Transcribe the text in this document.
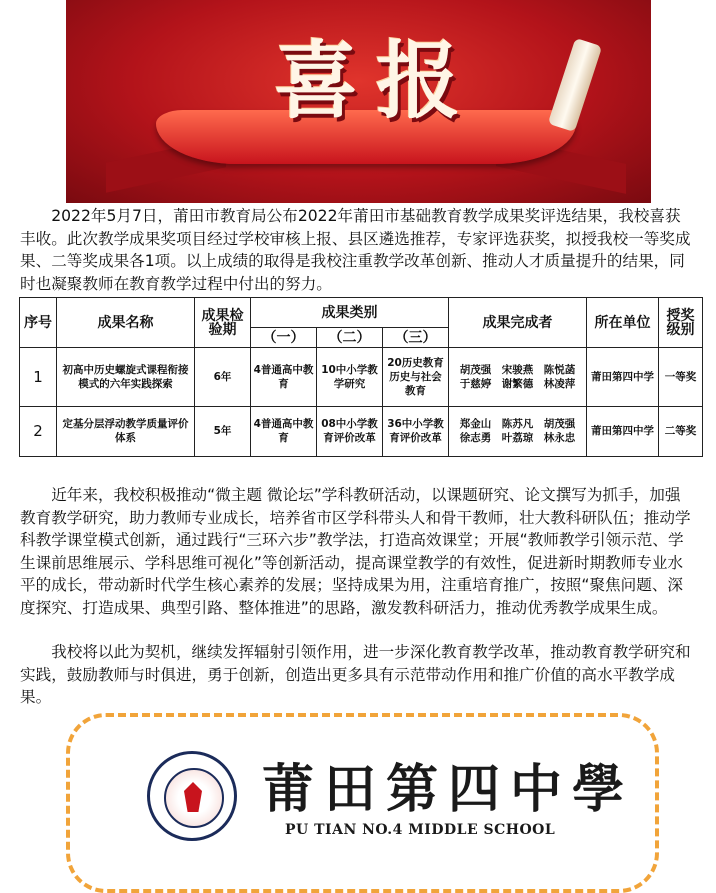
喜报

2022年5月7日，莆田市教育局公布2022年莆田市基础教育教学成果奖评选结果，我校喜获丰收。此次教学成果奖项目经过学校审核上报、县区遴选推荐，专家评选获奖，拟授我校一等奖成果、二等奖成果各1项。以上成绩的取得是我校注重教学改革创新、推动人才质量提升的结果，同时也凝聚教师在教育教学过程中付出的努力。

序号	成果名称	成果检验期	成果类别			成果完成者	所在单位	授奖级别
			（一）	（二）	（三）			
1	初高中历史螺旋式课程衔接模式的六年实践探索	6年	4普通高中教育	10中小学教学研究	20历史教育历史与社会教育	胡茂强　宋骏燕　陈悦菡　于慈婷　谢繁德　林凌萍	莆田第四中学	一等奖
2	定基分层浮动教学质量评价体系	5年	4普通高中教育	08中小学教育评价改革	36中小学教育评价改革	郑金山　陈苏凡　胡茂强　徐志勇　叶荔琼　林永忠	莆田第四中学	二等奖

近年来，我校积极推动“微主题 微论坛”学科教研活动，以课题研究、论文撰写为抓手，加强教育教学研究，助力教师专业成长，培养省市区学科带头人和骨干教师，壮大教科研队伍；推动学科教学课堂模式创新，通过践行“三环六步”教学法，打造高效课堂；开展“教师教学引领示范、学生课前思维展示、学科思维可视化”等创新活动，提高课堂教学的有效性，促进新时期教师专业水平的成长，带动新时代学生核心素养的发展；坚持成果为用，注重培育推广，按照“聚焦问题、深度探究、打造成果、典型引路、整体推进”的思路，激发教科研活力，推动优秀教学成果生成。

我校将以此为契机，继续发挥辐射引领作用，进一步深化教育教学改革，推动教育教学研究和实践，鼓励教师与时俱进，勇于创新，创造出更多具有示范带动作用和推广价值的高水平教学成果。

莆田第四中學
PU TIAN NO.4 MIDDLE SCHOOL
